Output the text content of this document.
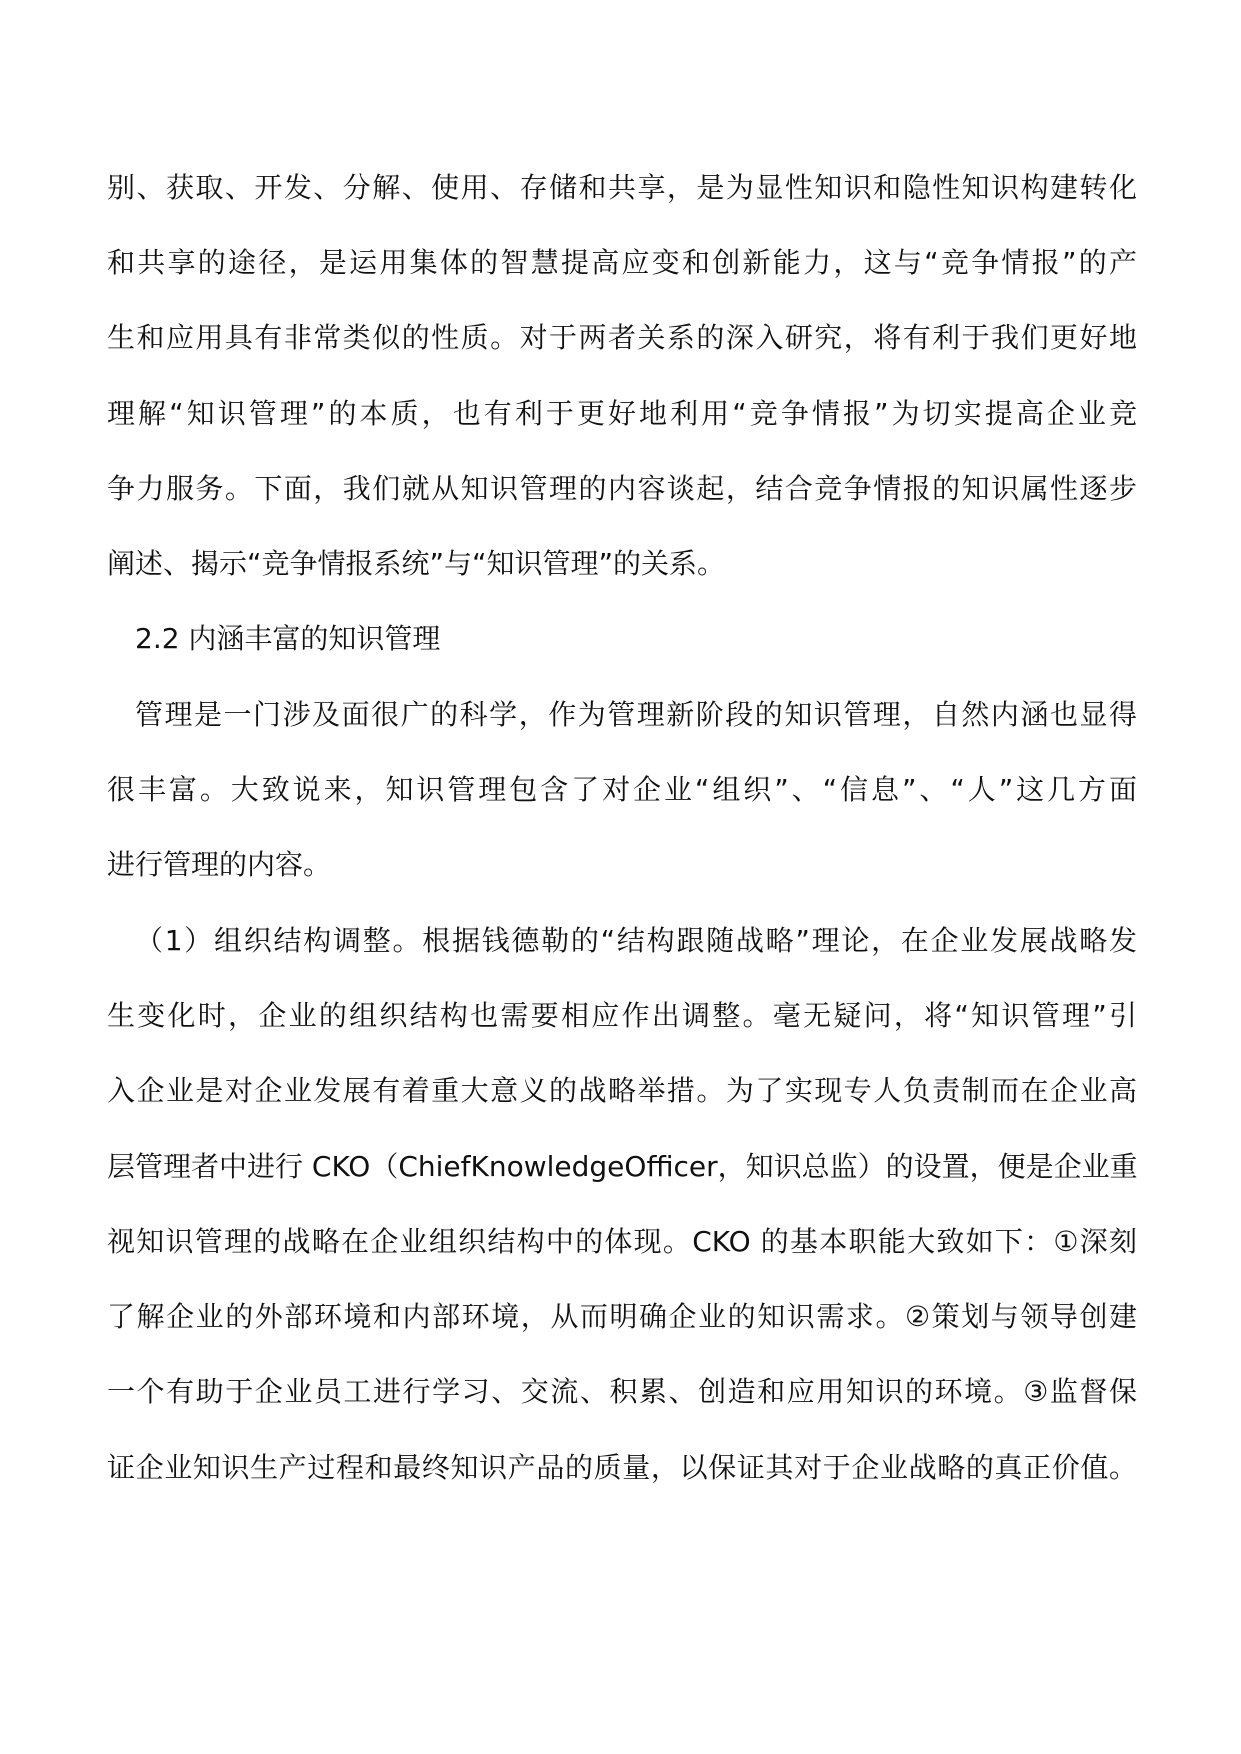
别、获取、开发、分解、使用、存储和共享，是为显性知识和隐性知识构建转化
和共享的途径，是运用集体的智慧提高应变和创新能力，这与“竞争情报”的产
生和应用具有非常类似的性质。对于两者关系的深入研究，将有利于我们更好地
理解“知识管理”的本质，也有利于更好地利用“竞争情报”为切实提高企业竞
争力服务。下面，我们就从知识管理的内容谈起，结合竞争情报的知识属性逐步
阐述、揭示“竞争情报系统”与“知识管理”的关系。
2.2 内涵丰富的知识管理
管理是一门涉及面很广的科学，作为管理新阶段的知识管理，自然内涵也显得
很丰富。大致说来，知识管理包含了对企业“组织”、“信息”、“人”这几方面
进行管理的内容。
（1）组织结构调整。根据钱德勒的“结构跟随战略”理论，在企业发展战略发
生变化时，企业的组织结构也需要相应作出调整。毫无疑问，将“知识管理”引
入企业是对企业发展有着重大意义的战略举措。为了实现专人负责制而在企业高
层管理者中进行 CKO（ChiefKnowledgeOfficer，知识总监）的设置，便是企业重
视知识管理的战略在企业组织结构中的体现。CKO 的基本职能大致如下：①深刻
了解企业的外部环境和内部环境，从而明确企业的知识需求。②策划与领导创建
一个有助于企业员工进行学习、交流、积累、创造和应用知识的环境。③监督保
证企业知识生产过程和最终知识产品的质量，以保证其对于企业战略的真正价值。
